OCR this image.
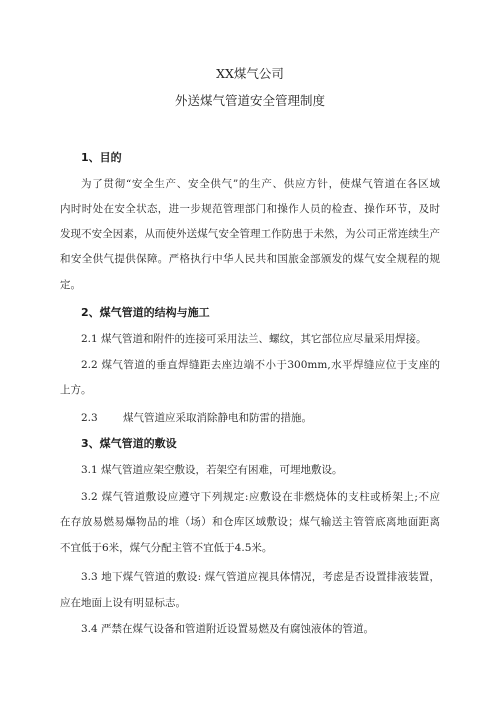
XX煤气公司
外送煤气管道安全管理制度
1、目的
为了贯彻“安全生产、安全供气”的生产、供应方针，使煤气管道在各区域
内时时处在安全状态，进一步规范管理部门和操作人员的检查、操作环节，及时
发现不安全因素，从而使外送煤气安全管理工作防患于未然，为公司正常连续生产
和安全供气提供保障。严格执行中华人民共和国旅金部颁发的煤气安全规程的规
定。
2、煤气管道的结构与施工
2.1 煤气管道和附件的连接可采用法兰、螺纹，其它部位应尽量采用焊接。
2.2 煤气管道的垂直焊缝距去座边端不小于300mm,水平焊缝应位于支座的
上方。
2.3 煤气管道应采取消除静电和防雷的措施。
3、煤气管道的敷设
3.1 煤气管道应架空敷设，若架空有困难，可埋地敷设。
3.2 煤气管道敷设应遵守下列规定:应敷设在非燃烧体的支柱或桥架上;不应
在存放易燃易爆物品的堆（场）和仓库区域敷设；煤气输送主管管底离地面距离
不宜低于6米，煤气分配主管不宜低于4.5米。
3.3 地下煤气管道的敷设: 煤气管道应视具体情况，考虑是否设置排液装置，
应在地面上设有明显标志。
3.4 严禁在煤气设备和管道附近设置易燃及有腐蚀液体的管道。
